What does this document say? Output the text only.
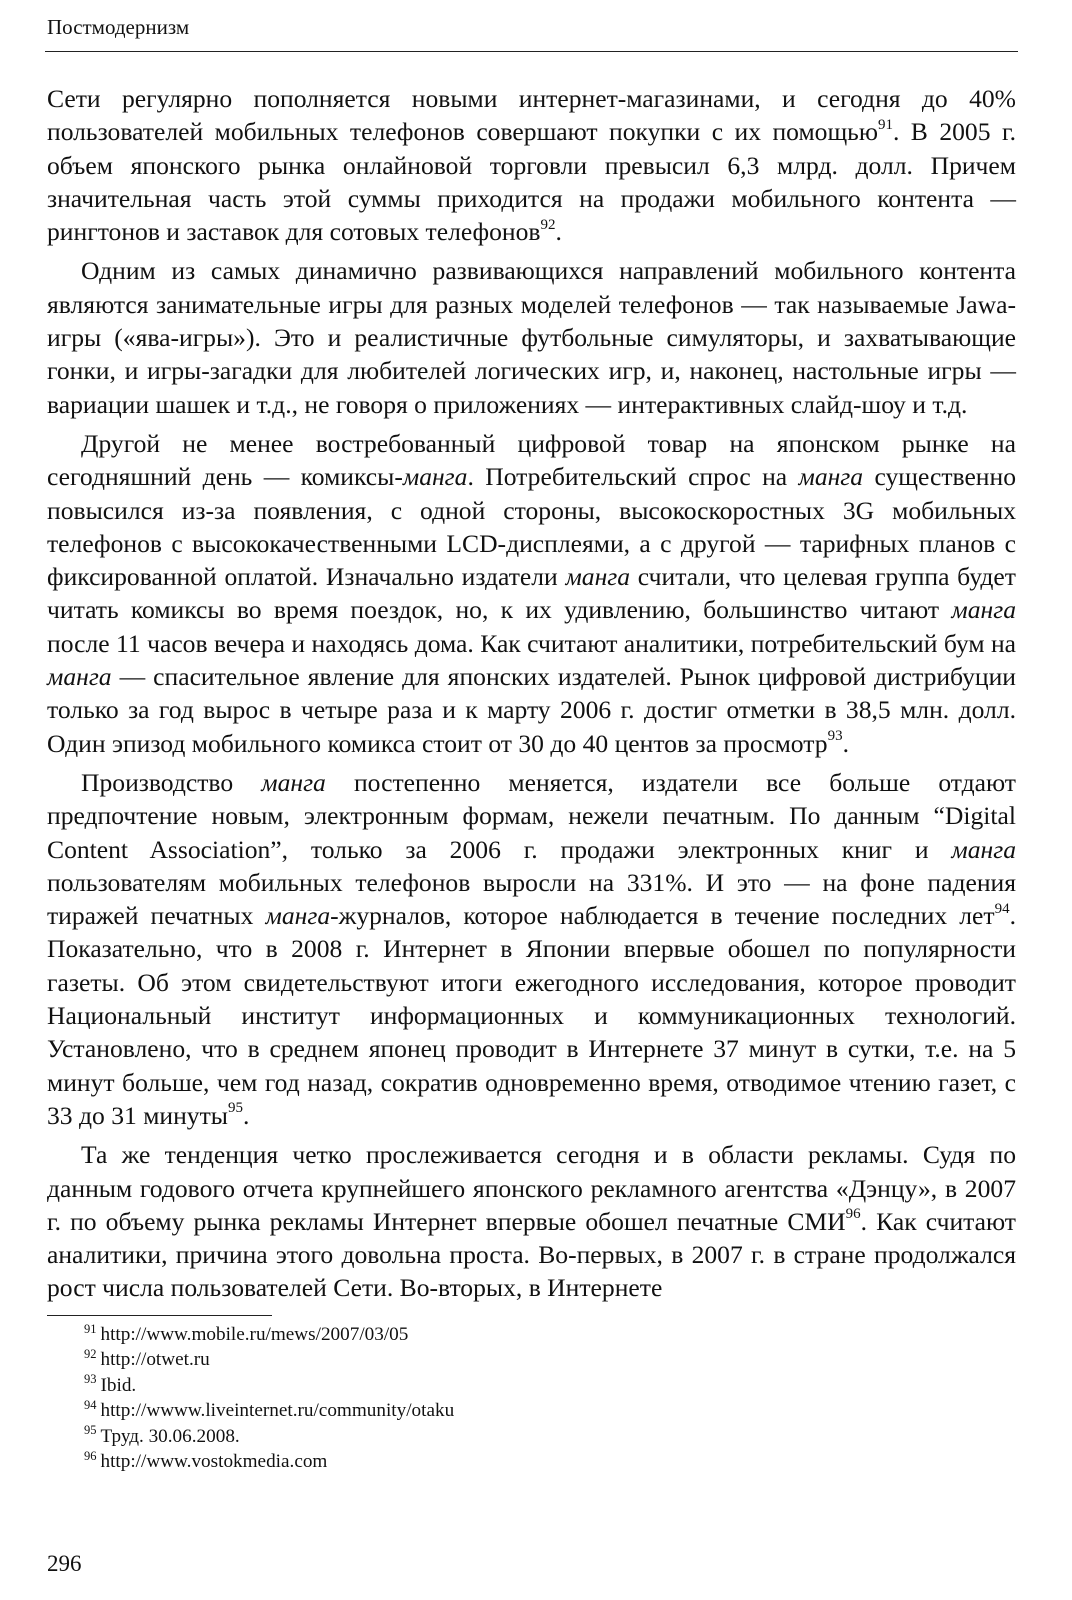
Постмодернизм

Сети регулярно пополняется новыми интернет-магазинами, и сегодня до 40% пользователей мобильных телефонов совершают покупки с их помощью$^{91}$. В 2005 г. объем японского рынка онлайновой торговли превысил 6,3 млрд. долл. Причем значительная часть этой суммы приходится на продажи мобильного контента — рингтонов и заставок для сотовых телефонов$^{92}$.

Одним из самых динамично развивающихся направлений мобильного контента являются занимательные игры для разных моделей телефонов — так называемые Jawa-игры («ява-игры»). Это и реалистичные футбольные симуляторы, и захватывающие гонки, и игры-загадки для любителей логических игр, и, наконец, настольные игры — вариации шашек и т.д., не говоря о приложениях — интерактивных слайд-шоу и т.д.

Другой не менее востребованный цифровой товар на японском рынке на сегодняшний день — комиксы-манга. Потребительский спрос на манга существенно повысился из-за появления, с одной стороны, высокоскоростных 3G мобильных телефонов с высококачественными LCD-дисплеями, а с другой — тарифных планов с фиксированной оплатой. Изначально издатели манга считали, что целевая группа будет читать комиксы во время поездок, но, к их удивлению, большинство читают манга после 11 часов вечера и находясь дома. Как считают аналитики, потребительский бум на манга — спасительное явление для японских издателей. Рынок цифровой дистрибуции только за год вырос в четыре раза и к марту 2006 г. достиг отметки в 38,5 млн. долл. Один эпизод мобильного комикса стоит от 30 до 40 центов за просмотр$^{93}$.

Производство манга постепенно меняется, издатели все больше отдают предпочтение новым, электронным формам, нежели печатным. По данным “Digital Content Association”, только за 2006 г. продажи электронных книг и манга пользователям мобильных телефонов выросли на 331%. И это — на фоне падения тиражей печатных манга-журналов, которое наблюдается в течение последних лет$^{94}$. Показательно, что в 2008 г. Интернет в Японии впервые обошел по популярности газеты. Об этом свидетельствуют итоги ежегодного исследования, которое проводит Национальный институт информационных и коммуникационных технологий. Установлено, что в среднем японец проводит в Интернете 37 минут в сутки, т.е. на 5 минут больше, чем год назад, сократив одновременно время, отводимое чтению газет, с 33 до 31 минуты$^{95}$.

Та же тенденция четко прослеживается сегодня и в области рекламы. Судя по данным годового отчета крупнейшего японского рекламного агентства «Дэнцу», в 2007 г. по объему рынка рекламы Интернет впервые обошел печатные СМИ$^{96}$. Как считают аналитики, причина этого довольна проста. Во-первых, в 2007 г. в стране продолжался рост числа пользователей Сети. Во-вторых, в Интернете

$^{91}$ http://www.mobile.ru/mews/2007/03/05
$^{92}$ http://otwet.ru
$^{93}$ Ibid.
$^{94}$ http://wwww.liveinternet.ru/community/otaku
$^{95}$ Труд. 30.06.2008.
$^{96}$ http://www.vostokmedia.com
296
